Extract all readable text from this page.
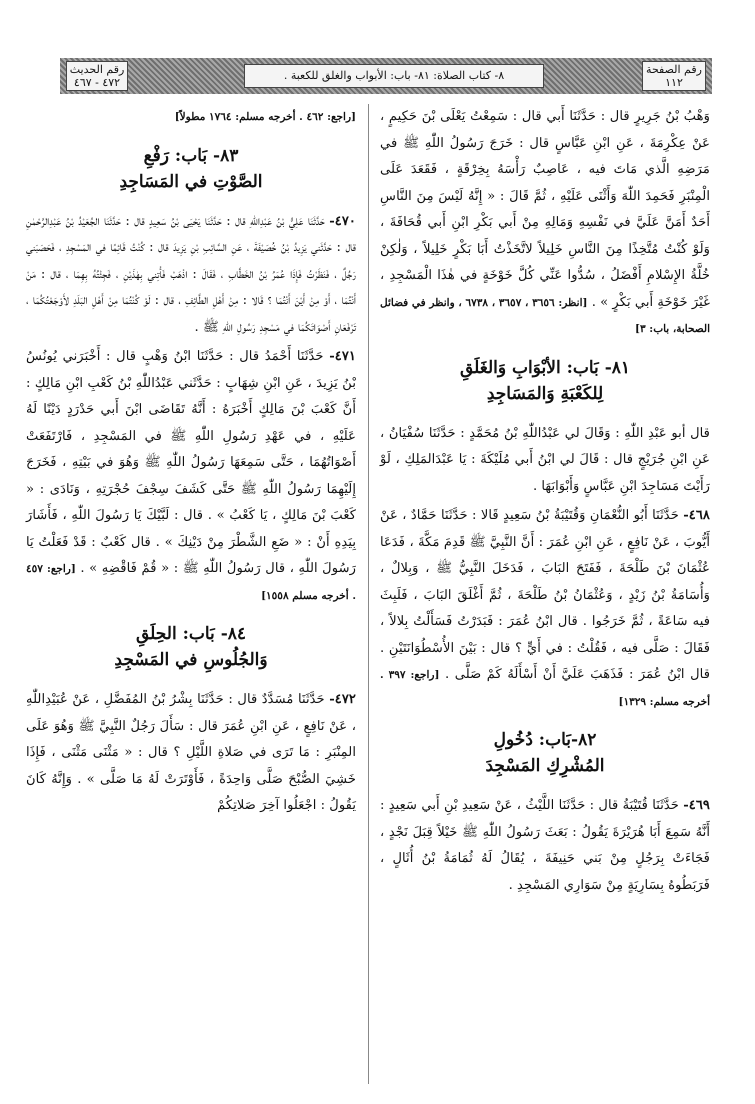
رقم الصفحة
١١٢
٨- كتاب الصلاة: ٨١- باب: الأبواب والغلق للكعبة .
رقم الحديث
٤٧٢ - ٤٦٧

وَهْبُ بْنُ جَرِيرٍ قال : حَدَّثَنَا أَبي قال : سَمِعْتُ يَعْلَى بْنَ حَكِيمٍ ، عَنْ عِكْرِمَةَ ، عَنِ ابْنِ عَبَّاسٍ قال : خَرَجَ رَسُولُ اللّٰهِ ﷺ في مَرَضِهِ الَّذي مَاتَ فيه ، عَاصِبٌ رَأْسَهُ بِخِرْقَةٍ ، فَقَعَدَ عَلَى الْمِنْبَرِ فَحَمِدَ اللّٰهَ وَأَثْنَى عَلَيْهِ ، ثُمَّ قَالَ : « إِنَّهُ لَيْسَ مِنَ النَّاسِ أَحَدٌ أَمَنَّ عَلَيَّ في نَفْسِهِ وَمَالِهِ مِنْ أَبي بَكْرِ ابْنِ أَبي قُحَافَةَ ، وَلَوْ كُنْتُ مُتَّخِذًا مِنَ النَّاسِ خَلِيلاً لاتَّخَذْتُ أَبَا بَكْرٍ خَلِيلاً ، وَلٰكِنْ خُلَّةُ الإِسْلامِ أَفْضَلُ ، سُدُّوا عَنِّي كُلَّ خَوْخَةٍ في هٰذَا الْمَسْجِدِ ، غَيْرَ خَوْخَةِ أَبي بَكْرٍ » . [انظر: ٣٦٥٦ ، ٣٦٥٧ ، ٦٧٣٨ ، وانظر في فضائل الصحابة، باب: ٣]

٨١- بَاب: الأبْوَابِ وَالغَلَقِ
لِلكَعْبَةِ وَالمَسَاجِدِ

قال أبو عَبْدِ اللّٰهِ : وَقَالَ لي عَبْدُاللّٰهِ بْنُ مُحَمَّدٍ : حَدَّثَنَا سُفْيَانُ ، عَنِ ابْنِ جُرَيْجٍ قال : قَالَ لي ابْنُ أَبي مُلَيْكَةَ : يَا عَبْدَالمَلِكِ ، لَوْ رَأَيْتَ مَسَاجِدَ ابْنِ عَبَّاسٍ وَأَبْوَابَهَا .

٤٦٨- حَدَّثَنَا أَبُو النُّعْمَانِ وَقُتَيْبَةُ بْنُ سَعِيدٍ قَالا : حَدَّثَنَا حَمَّادٌ ، عَنْ أَيُّوبَ ، عَنْ نَافِعٍ ، عَنِ ابْنِ عُمَرَ : أَنَّ النَّبِيَّ ﷺ قَدِمَ مَكَّةَ ، فَدَعَا عُثْمَانَ بْنَ طَلْحَةَ ، فَفَتَحَ البَابَ ، فَدَخَلَ النَّبِيُّ ﷺ ، وَبِلالٌ ، وَأُسَامَةُ بْنُ زَيْدٍ ، وَعُثْمَانُ بْنُ طَلْحَةَ ، ثُمَّ أَغْلَقَ البَابَ ، فَلَبِثَ فيه سَاعَةً ، ثُمَّ خَرَجُوا . قال ابْنُ عُمَرَ : فَبَدَرْتُ فَسَأَلْتُ بِلالاً ، فَقَالَ : صَلَّى فيه ، فَقُلْتُ : في أَيٍّ ؟ قال : بَيْنَ الأُسْطُوَانَتَيْنِ . قال ابْنُ عُمَرَ : فَذَهَبَ عَلَيَّ أَنْ أَسْأَلَهُ كَمْ صَلَّى . [راجع: ٣٩٧ . أخرجه مسلم: ١٣٢٩]

٨٢-بَاب: دُخُولِ
المُشْرِكِ المَسْجِدَ

٤٦٩- حَدَّثَنَا قُتَيْبَةُ قال : حَدَّثَنَا اللَّيْثُ ، عَنْ سَعِيدِ بْنِ أَبي سَعِيدٍ : أَنَّهُ سَمِعَ أَبَا هُرَيْرَةَ يَقُولُ : بَعَثَ رَسُولُ اللّٰهِ ﷺ خَيْلاً قِبَلَ نَجْدٍ ، فَجَاءَتْ بِرَجُلٍ مِنْ بَني حَنِيفَةَ ، يُقَالُ لَهُ ثُمَامَةُ بْنُ أُثَالٍ ، فَرَبَطُوهُ بِسَارِيَةٍ مِنْ سَوَارِي المَسْجِدِ .

[راجع: ٤٦٢ . أخرجه مسلم: ١٧٦٤ مطولاً]

٨٣- بَاب: رَفْعِ
الصَّوْتِ في المَسَاجِدِ

٤٧٠- حَدَّثَنَا عَلِيُّ بْنُ عَبْدِاللّٰهِ قال : حَدَّثَنَا يَحْيَى بْنُ سَعِيدٍ قال : حَدَّثَنَا الجُعَيْدُ بْنُ عَبْدِالرَّحْمٰنِ قال : حَدَّثَني يَزِيدُ بْنُ خُصَيْفَةَ ، عَنِ السَّائِبِ بْنِ يَزِيدَ قال : كُنْتُ قَائِمًا في المَسْجِدِ ، فَحَصَبَني رَجُلٌ ، فَنَظَرْتُ فَإِذَا عُمَرُ بْنُ الخَطَّابِ ، فَقَالَ : اذْهَبْ فَأْتِني بِهٰذَيْنِ ، فَجِئْتُهُ بِهِمَا ، قال : مَنْ أَنْتُمَا ، أَوْ مِنْ أَيْنَ أَنْتُمَا ؟ قَالا : مِنْ أَهْلِ الطَّائِفِ ، قال : لَوْ كُنْتُمَا مِنْ أَهْلِ البَلَدِ لأَوْجَعْتُكُمَا ، تَرْفَعَانِ أَصْوَاتَكُمَا في مَسْجِدِ رَسُولِ اللّٰهِ ﷺ .

٤٧١- حَدَّثَنَا أَحْمَدُ قال : حَدَّثَنَا ابْنُ وَهْبٍ قال : أَخْبَرَني يُونُسُ بْنُ يَزِيدَ ، عَنِ ابْنِ شِهَابٍ : حَدَّثَني عَبْدُاللّٰهِ بْنُ كَعْبِ ابْنِ مَالِكٍ : أَنَّ كَعْبَ بْنَ مَالِكٍ أَخْبَرَهُ : أَنَّهُ تَقَاضَى ابْنَ أَبي حَدْرَدٍ دَيْنًا لَهُ عَلَيْهِ ، في عَهْدِ رَسُولِ اللّٰهِ ﷺ في المَسْجِدِ ، فَارْتَفَعَتْ أَصْوَاتُهُمَا ، حَتَّى سَمِعَهَا رَسُولُ اللّٰهِ ﷺ وَهُوَ في بَيْتِهِ ، فَخَرَجَ إِلَيْهِمَا رَسُولُ اللّٰهِ ﷺ حَتَّى كَشَفَ سِجْفَ حُجْرَتِهِ ، وَنَادَى : « كَعْبَ بْنَ مَالِكٍ ، يَا كَعْبُ » . قال : لَبَّيْكَ يَا رَسُولَ اللّٰهِ ، فَأَشَارَ بِيَدِهِ أَنْ : « ضَعِ الشَّطْرَ مِنْ دَيْنِكَ » . قال كَعْبٌ : قَدْ فَعَلْتُ يَا رَسُولَ اللّٰهِ ، قال رَسُولُ اللّٰهِ ﷺ : « قُمْ فَاقْضِهِ » . [راجع: ٤٥٧ . أخرجه مسلم ١٥٥٨]

٨٤- بَاب: الحِلَقِ
وَالجُلُوسِ في المَسْجِدِ

٤٧٢- حَدَّثَنَا مُسَدَّدٌ قال : حَدَّثَنَا بِشْرُ بْنُ المُفَضَّلِ ، عَنْ عُبَيْدِاللّٰهِ ، عَنْ نَافِعٍ ، عَنِ ابْنِ عُمَرَ قال : سَأَلَ رَجُلٌ النَّبِيَّ ﷺ وَهُوَ عَلَى المِنْبَرِ : مَا تَرَى في صَلاةِ اللَّيْلِ ؟ قال : « مَثْنَى مَثْنَى ، فَإِذَا خَشِيَ الصُّبْحَ صَلَّى وَاحِدَةً ، فَأَوْتَرَتْ لَهُ مَا صَلَّى » . وَإِنَّهُ كَانَ يَقُولُ : اجْعَلُوا آخِرَ صَلاتِكُمْ
